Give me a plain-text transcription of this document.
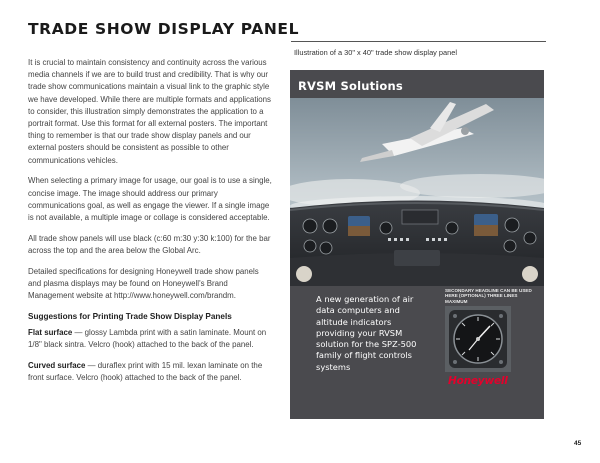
TRADE SHOW DISPLAY PANEL

It is crucial to maintain consistency and continuity across the various media channels if we are to build trust and credibility. That is why our trade show communications maintain a visual link to the graphic style we have developed. While there are multiple formats and applications to consider, this illustration simply demonstrates the application to a portrait format. Use this format for all external posters. The important thing to remember is that our trade show display panels and our external posters should be consistent as possible to other communications vehicles.

When selecting a primary image for usage, our goal is to use a single, concise image. The image should address our primary communications goal, as well as engage the viewer. If a single image is not available, a multiple image or collage is considered acceptable.

All trade show panels will use black (c:60 m:30 y:30 k:100) for the bar across the top and the area below the Global Arc.

Detailed specifications for designing Honeywell trade show panels and plasma displays may be found on Honeywell's Brand Management website at http://www.honeywell.com/brandm.

Suggestions for Printing Trade Show Display Panels

Flat surface — glossy Lambda print with a satin laminate. Mount on 1/8" black sintra. Velcro (hook) attached to the back of the panel.

Curved surface — duraflex print with 15 mil. lexan laminate on the front surface. Velcro (hook) attached to the back of the panel.

Illustration of a 30" x 40" trade show display panel
RVSM Solutions
A new generation of air data computers and altitude indicators providing your RVSM solution for the SPZ-500 family of flight controls systems
SECONDARY HEADLINE CAN BE USED HERE (OPTIONAL) THREE LINES MAXIMUM
Honeywell
45
